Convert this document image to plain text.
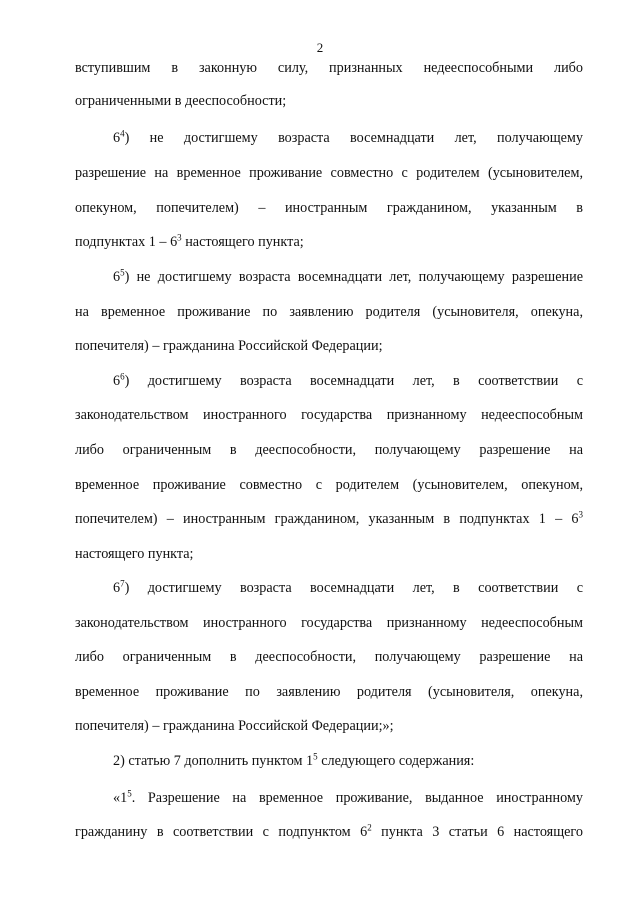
2
вступившим в законную силу, признанных недееспособными либо
ограниченными в дееспособности;
$6^4$) не достигшему возраста восемнадцати лет, получающему
разрешение на временное проживание совместно с родителем (усыновителем,
опекуном, попечителем) – иностранным гражданином, указанным в
подпунктах $1 - 6^3$ настоящего пункта;
$6^5$) не достигшему возраста восемнадцати лет, получающему разрешение
на временное проживание по заявлению родителя (усыновителя, опекуна,
попечителя) – гражданина Российской Федерации;
$6^6$) достигшему возраста восемнадцати лет, в соответствии с
законодательством иностранного государства признанному недееспособным
либо ограниченным в дееспособности, получающему разрешение на
временное проживание совместно с родителем (усыновителем, опекуном,
попечителем) – иностранным гражданином, указанным в подпунктах $1 - 6^3$
настоящего пункта;
$6^7$) достигшему возраста восемнадцати лет, в соответствии с
законодательством иностранного государства признанному недееспособным
либо ограниченным в дееспособности, получающему разрешение на
временное проживание по заявлению родителя (усыновителя, опекуна,
попечителя) – гражданина Российской Федерации;»;
2) статью 7 дополнить пунктом $1^5$ следующего содержания:
«$1^5$. Разрешение на временное проживание, выданное иностранному
гражданину в соответствии с подпунктом $6^2$ пункта 3 статьи 6 настоящего
